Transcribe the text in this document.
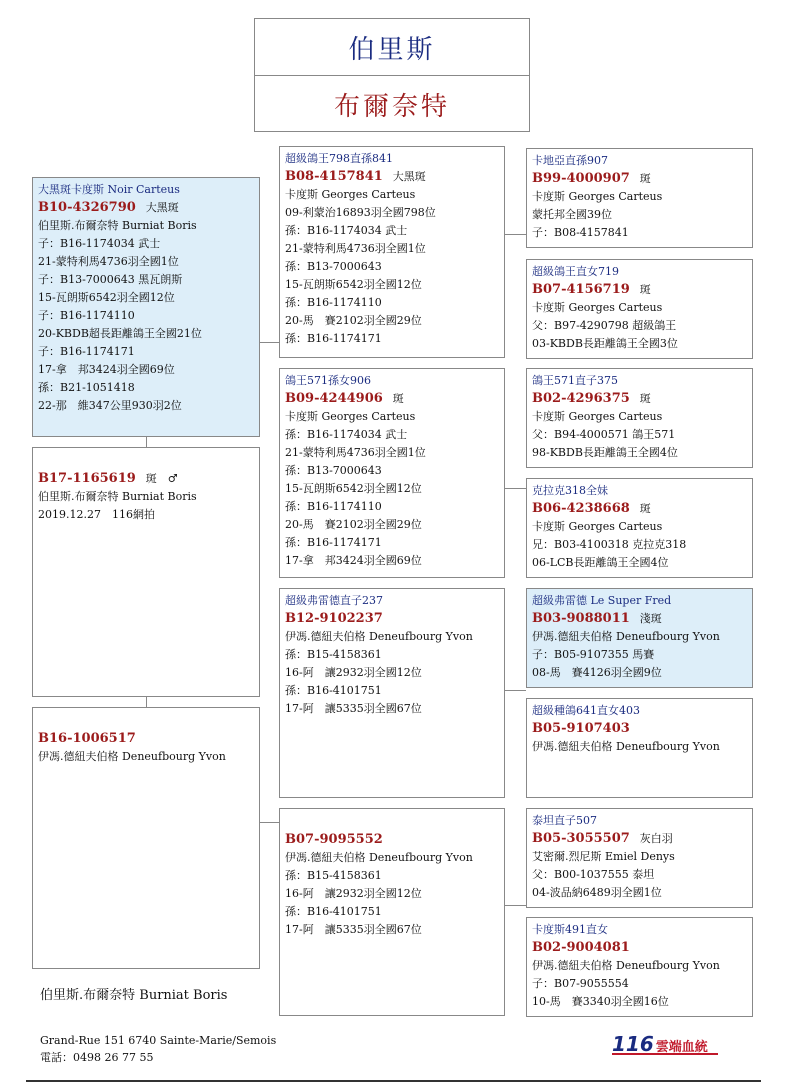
伯里斯
布爾奈特
大黑斑卡度斯 Noir Carteus
B10-4326790 大黑斑
伯里斯.布爾奈特 Burniat Boris
子：B16-1174034 武士
21-蒙特利馬4736羽全國1位
子：B13-7000643 黑瓦朗斯
15-瓦朗斯6542羽全國12位
子：B16-1174110
20-KBDB超長距離鴿王全國21位
子：B16-1174171
17-拿　邦3424羽全國69位
孫：B21-1051418
22-那　維347公里930羽2位
B17-1165619 斑　♂
伯里斯.布爾奈特 Burniat Boris
2019.12.27　116網拍
B16-1006517
伊馮.德紐夫伯格 Deneufbourg Yvon
超級鴿王798直孫841
B08-4157841 大黑斑
卡度斯 Georges Carteus
09-利蒙治16893羽全國798位
孫：B16-1174034 武士
21-蒙特利馬4736羽全國1位
孫：B13-7000643
15-瓦朗斯6542羽全國12位
孫：B16-1174110
20-馬　賽2102羽全國29位
孫：B16-1174171
鴿王571孫女906
B09-4244906 斑
卡度斯 Georges Carteus
孫：B16-1174034 武士
21-蒙特利馬4736羽全國1位
孫：B13-7000643
15-瓦朗斯6542羽全國12位
孫：B16-1174110
20-馬　賽2102羽全國29位
孫：B16-1174171
17-拿　邦3424羽全國69位
超級弗雷德直子237
B12-9102237
伊馮.德紐夫伯格 Deneufbourg Yvon
孫：B15-4158361
16-阿　讓2932羽全國12位
孫：B16-4101751
17-阿　讓5335羽全國67位
B07-9095552
伊馮.德紐夫伯格 Deneufbourg Yvon
孫：B15-4158361
16-阿　讓2932羽全國12位
孫：B16-4101751
17-阿　讓5335羽全國67位
卡地亞直孫907
B99-4000907 斑
卡度斯 Georges Carteus
蒙托邦全國39位
子：B08-4157841
超級鴿王直女719
B07-4156719 斑
卡度斯 Georges Carteus
父：B97-4290798 超級鴿王
03-KBDB長距離鴿王全國3位
鴿王571直子375
B02-4296375 斑
卡度斯 Georges Carteus
父：B94-4000571 鴿王571
98-KBDB長距離鴿王全國4位
克拉克318全妹
B06-4238668 斑
卡度斯 Georges Carteus
兄：B03-4100318 克拉克318
06-LCB長距離鴿王全國4位
超級弗雷德 Le Super Fred
B03-9088011 淺斑
伊馮.德紐夫伯格 Deneufbourg Yvon
子：B05-9107355 馬賽
08-馬　賽4126羽全國9位
超級種鴿641直女403
B05-9107403
伊馮.德紐夫伯格 Deneufbourg Yvon
泰坦直子507
B05-3055507 灰白羽
艾密爾.烈尼斯 Emiel Denys
父：B00-1037555 泰坦
04-波品納6489羽全國1位
卡度斯491直女
B02-9004081
伊馮.德紐夫伯格 Deneufbourg Yvon
子：B07-9055554
10-馬　賽3340羽全國16位
伯里斯.布爾奈特 Burniat Boris
Grand-Rue 151 6740 Sainte-Marie/Semois
電話：0498 26 77 55
116 雲端血統
